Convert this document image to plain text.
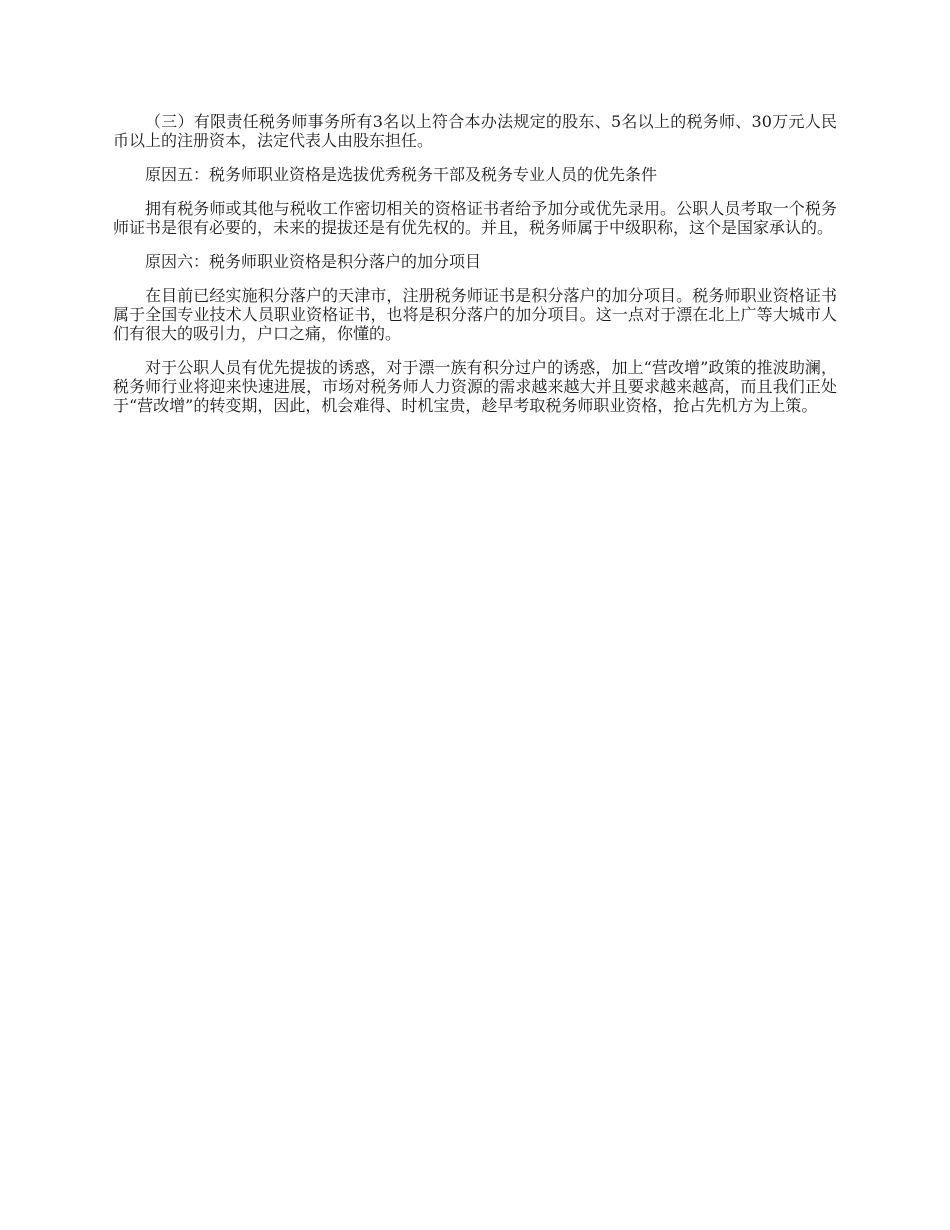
（三）有限责任税务师事务所有3名以上符合本办法规定的股东、5名以上的税务师、30万元人民币以上的注册资本，法定代表人由股东担任。

原因五：税务师职业资格是选拔优秀税务干部及税务专业人员的优先条件

拥有税务师或其他与税收工作密切相关的资格证书者给予加分或优先录用。公职人员考取一个税务师证书是很有必要的，未来的提拔还是有优先权的。并且，税务师属于中级职称，这个是国家承认的。

原因六：税务师职业资格是积分落户的加分项目

在目前已经实施积分落户的天津市，注册税务师证书是积分落户的加分项目。税务师职业资格证书属于全国专业技术人员职业资格证书，也将是积分落户的加分项目。这一点对于漂在北上广等大城市人们有很大的吸引力，户口之痛，你懂的。

对于公职人员有优先提拔的诱惑，对于漂一族有积分过户的诱惑，加上“营改增”政策的推波助澜，税务师行业将迎来快速进展，市场对税务师人力资源的需求越来越大并且要求越来越高，而且我们正处于“营改增”的转变期，因此，机会难得、时机宝贵，趁早考取税务师职业资格，抢占先机方为上策。
